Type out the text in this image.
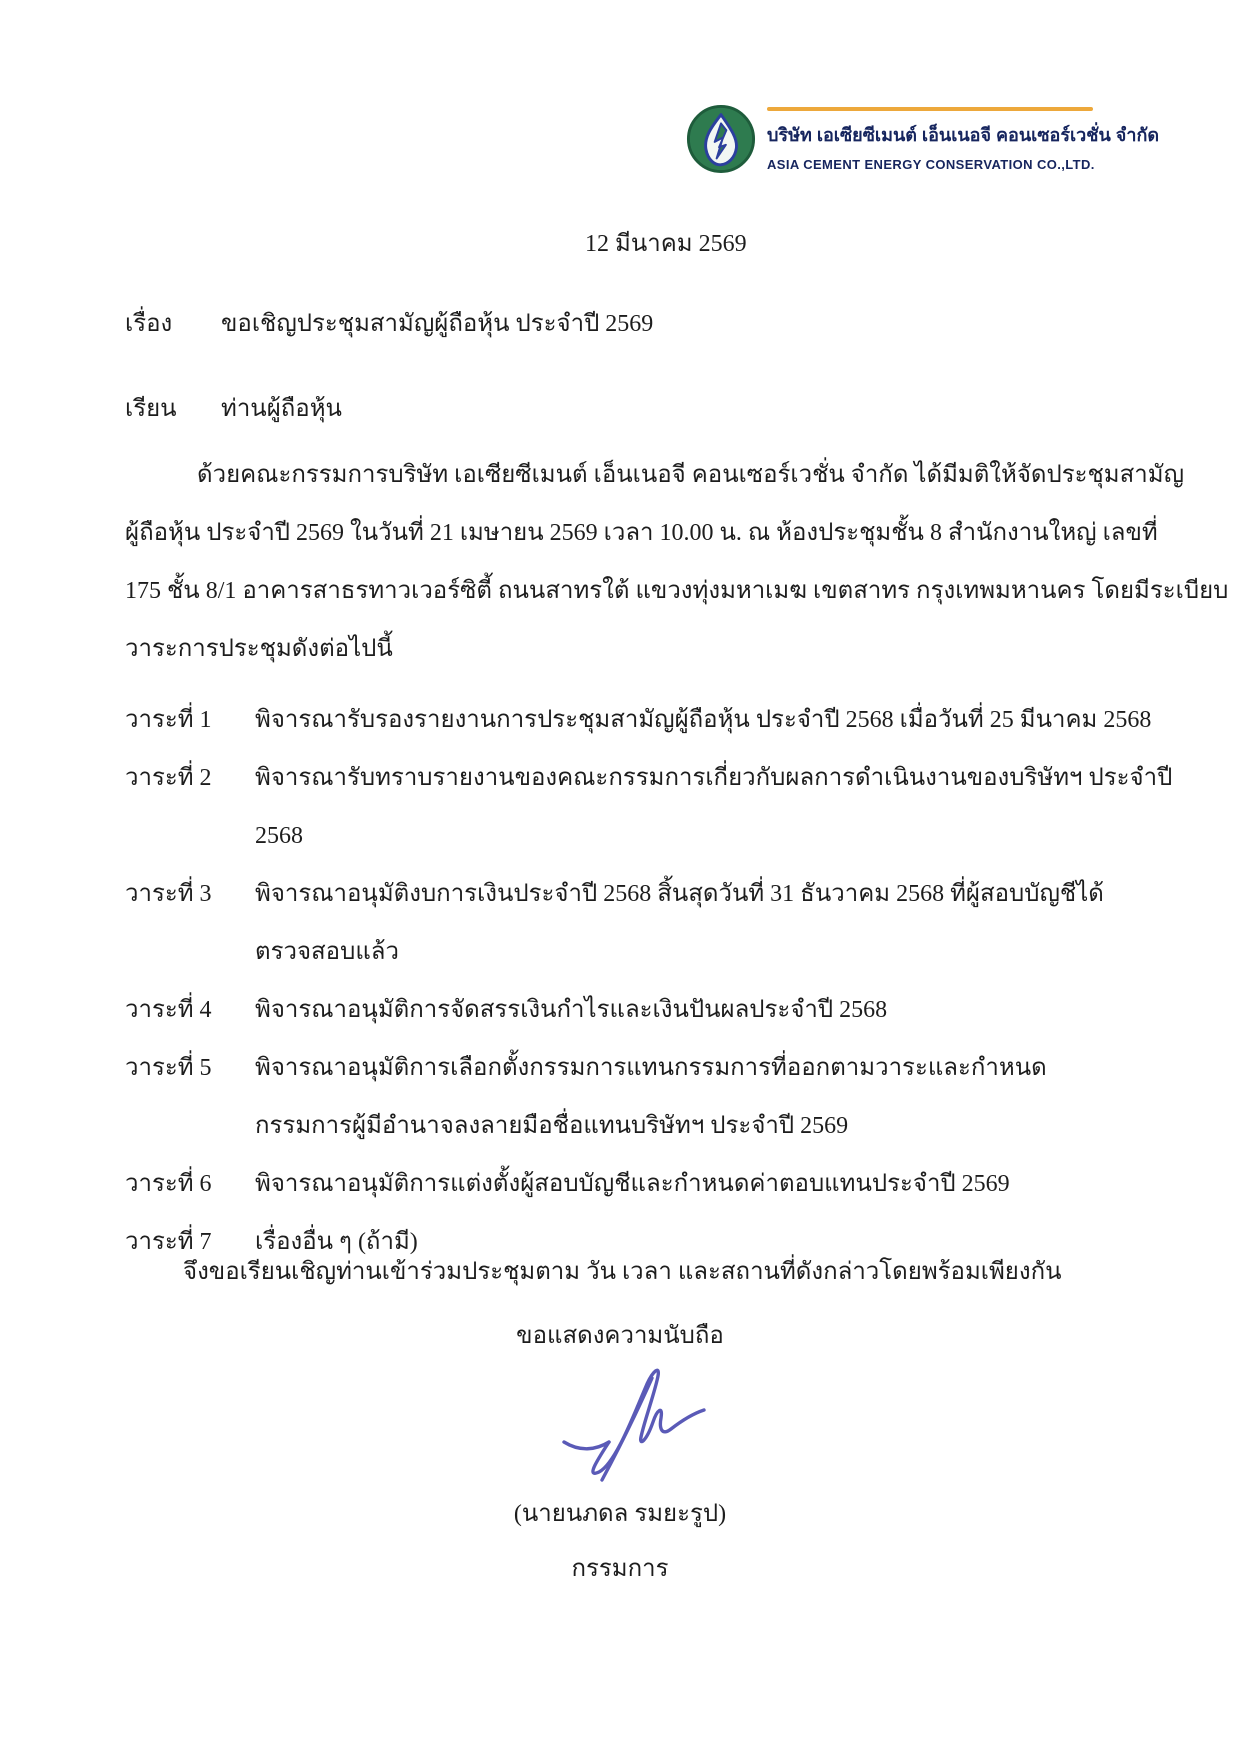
บริษัท เอเซียซีเมนต์ เอ็นเนอจี คอนเซอร์เวชั่น จำกัด
ASIA CEMENT ENERGY CONSERVATION CO.,LTD.
12 มีนาคม 2569
เรื่อง ขอเชิญประชุมสามัญผู้ถือหุ้น ประจำปี 2569
เรียน ท่านผู้ถือหุ้น
ด้วยคณะกรรมการบริษัท เอเซียซีเมนต์ เอ็นเนอจี คอนเซอร์เวชั่น จำกัด ได้มีมติให้จัดประชุมสามัญ
ผู้ถือหุ้น ประจำปี 2569 ในวันที่ 21 เมษายน 2569 เวลา 10.00 น. ณ ห้องประชุมชั้น 8 สำนักงานใหญ่ เลขที่
175 ชั้น 8/1 อาคารสาธรทาวเวอร์ซิตี้ ถนนสาทรใต้ แขวงทุ่งมหาเมฆ เขตสาทร กรุงเทพมหานคร โดยมีระเบียบ
วาระการประชุมดังต่อไปนี้
วาระที่ 1	พิจารณารับรองรายงานการประชุมสามัญผู้ถือหุ้น ประจำปี 2568 เมื่อวันที่ 25 มีนาคม 2568
วาระที่ 2	พิจารณารับทราบรายงานของคณะกรรมการเกี่ยวกับผลการดำเนินงานของบริษัทฯ ประจำปี
2568
วาระที่ 3	พิจารณาอนุมัติงบการเงินประจำปี 2568 สิ้นสุดวันที่ 31 ธันวาคม 2568 ที่ผู้สอบบัญชีได้
ตรวจสอบแล้ว
วาระที่ 4	พิจารณาอนุมัติการจัดสรรเงินกำไรและเงินปันผลประจำปี 2568
วาระที่ 5	พิจารณาอนุมัติการเลือกตั้งกรรมการแทนกรรมการที่ออกตามวาระและกำหนด
กรรมการผู้มีอำนาจลงลายมือชื่อแทนบริษัทฯ ประจำปี 2569
วาระที่ 6	พิจารณาอนุมัติการแต่งตั้งผู้สอบบัญชีและกำหนดค่าตอบแทนประจำปี 2569
วาระที่ 7	เรื่องอื่น ๆ (ถ้ามี)
จึงขอเรียนเชิญท่านเข้าร่วมประชุมตาม วัน เวลา และสถานที่ดังกล่าวโดยพร้อมเพียงกัน
ขอแสดงความนับถือ
(นายนภดล รมยะรูป)
กรรมการ
